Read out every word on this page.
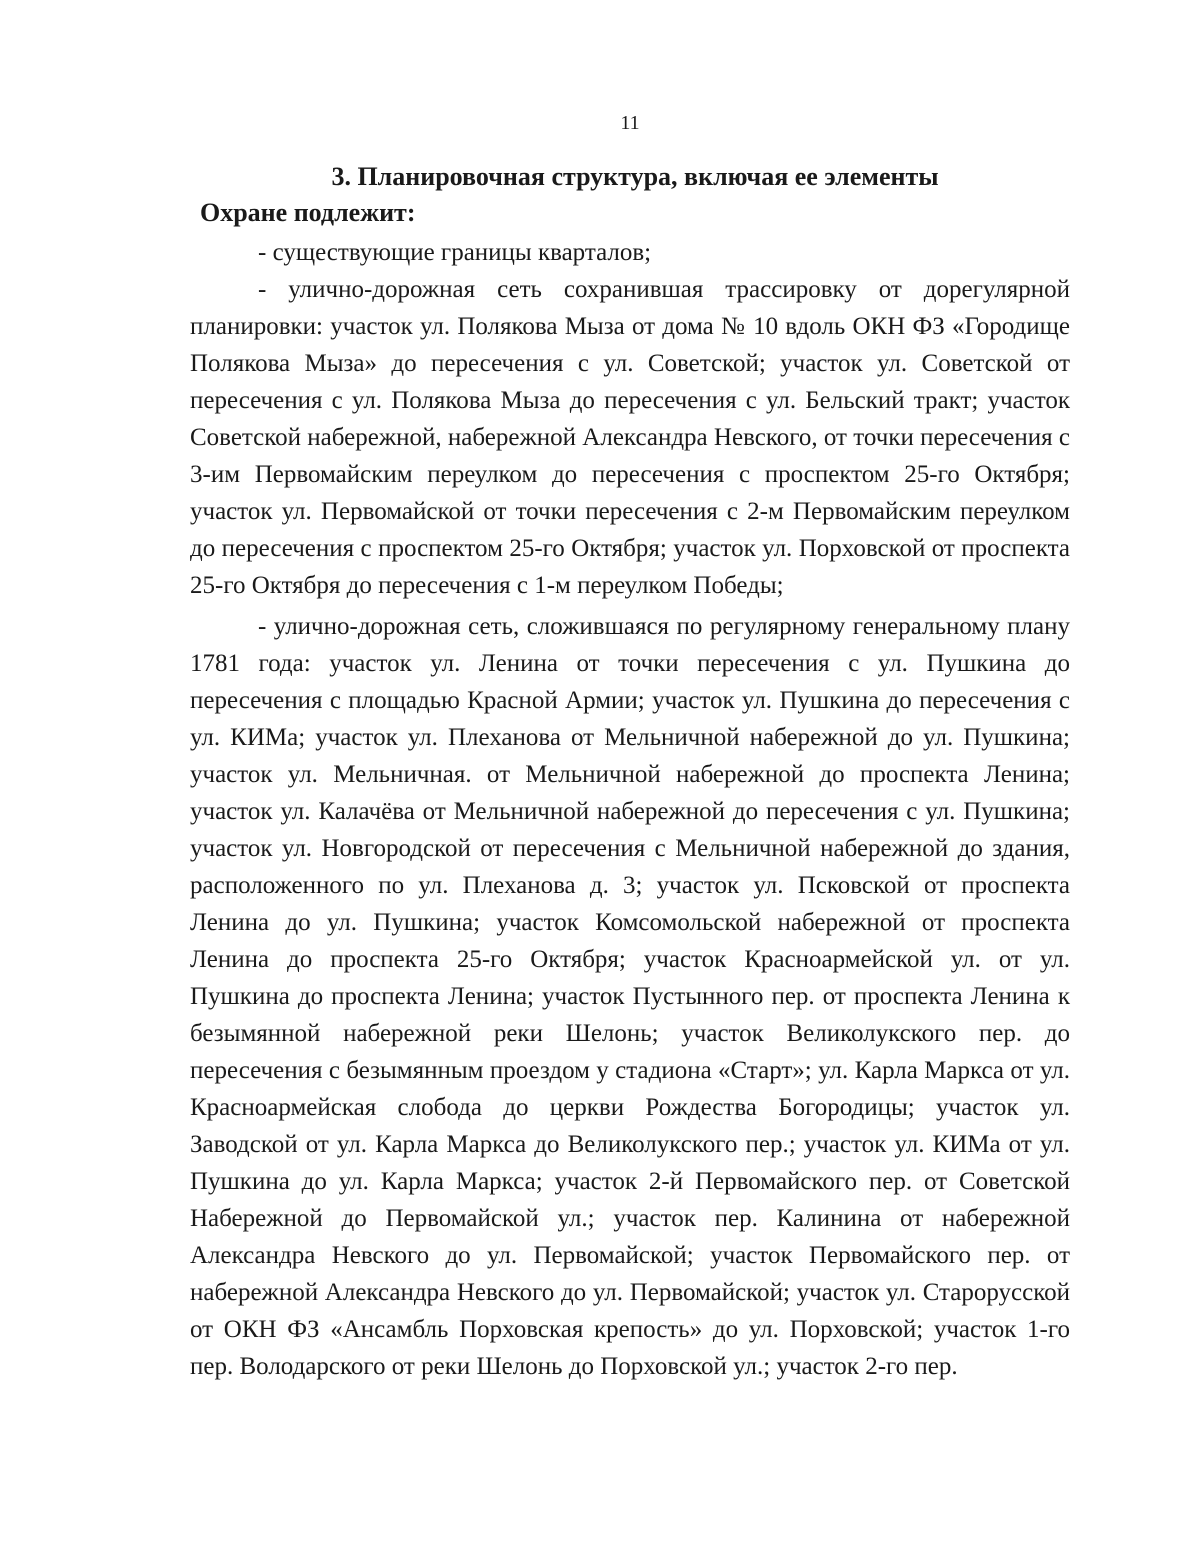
11
3. Планировочная структура, включая ее элементы
Охране подлежит:

- существующие границы кварталов;

- улично-дорожная сеть сохранившая трассировку от дорегулярной планировки: участок ул. Полякова Мыза от дома № 10 вдоль ОКН ФЗ «Городище Полякова Мыза» до пересечения с ул. Советской; участок ул. Советской от пересечения с ул. Полякова Мыза до пересечения с ул. Бельский тракт; участок Советской набережной, набережной Александра Невского, от точки пересечения с 3-им Первомайским переулком до пересечения с проспектом 25-го Октября; участок ул. Первомайской от точки пересечения с 2-м Первомайским переулком до пересечения с проспектом 25-го Октября; участок ул. Порховской от проспекта 25-го Октября до пересечения с 1-м переулком Победы;

- улично-дорожная сеть, сложившаяся по регулярному генеральному плану 1781 года: участок ул. Ленина от точки пересечения с ул. Пушкина до пересечения с площадью Красной Армии; участок ул. Пушкина до пересечения с ул. КИМа; участок ул. Плеханова от Мельничной набережной до ул. Пушкина; участок ул. Мельничная. от Мельничной набережной до проспекта Ленина; участок ул. Калачёва от Мельничной набережной до пересечения с ул. Пушкина; участок ул. Новгородской от пересечения с Мельничной набережной до здания, расположенного по ул. Плеханова д. 3; участок ул. Псковской от проспекта Ленина до ул. Пушкина; участок Комсомольской набережной от проспекта Ленина до проспекта 25-го Октября; участок Красноармейской ул. от ул. Пушкина до проспекта Ленина; участок Пустынного пер. от проспекта Ленина к безымянной набережной реки Шелонь; участок Великолукского пер. до пересечения с безымянным проездом у стадиона «Старт»; ул. Карла Маркса от ул. Красноармейская слобода до церкви Рождества Богородицы; участок ул. Заводской от ул. Карла Маркса до Великолукского пер.; участок ул. КИМа от ул. Пушкина до ул. Карла Маркса; участок 2-й Первомайского пер. от Советской Набережной до Первомайской ул.; участок пер. Калинина от набережной Александра Невского до ул. Первомайской; участок Первомайского пер. от набережной Александра Невского до ул. Первомайской; участок ул. Старорусской от ОКН ФЗ «Ансамбль Порховская крепость» до ул. Порховской; участок 1-го пер. Володарского от реки Шелонь до Порховской ул.; участок 2-го пер.
